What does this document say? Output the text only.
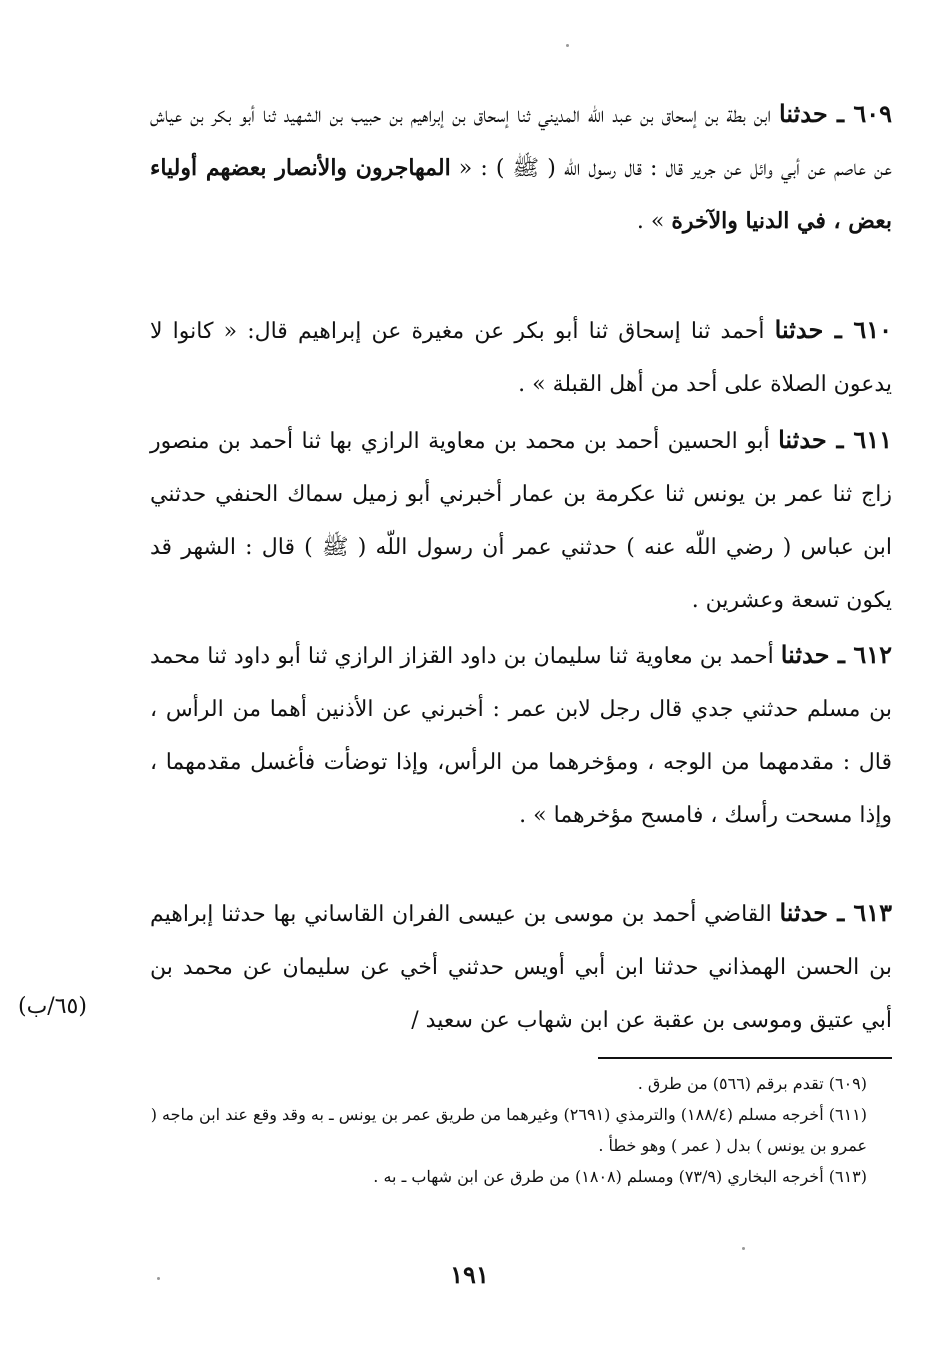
٦٠٩ ـ حدثنا ابن بطة بن إسحاق بن عبد اللّه المديني ثنا إسحاق بن إبراهيم بن حبيب بن الشهيد ثنا أبو بكر بن عياش عن عاصم عن أبي وائل عن جرير قال : قال رسول اللّه ( ﷺ ) : « المهاجرون والأنصار بعضهم أولياء بعض ، في الدنيا والآخرة » .
٦١٠ ـ حدثنا أحمد ثنا إسحاق ثنا أبو بكر عن مغيرة عن إبراهيم قال: « كانوا لا يدعون الصلاة على أحد من أهل القبلة » .
٦١١ ـ حدثنا أبو الحسين أحمد بن محمد بن معاوية الرازي بها ثنا أحمد بن منصور زاج ثنا عمر بن يونس ثنا عكرمة بن عمار أخبرني أبو زميل سماك الحنفي حدثني ابن عباس ( رضي اللّه عنه ) حدثني عمر أن رسول اللّه ( ﷺ ) قال : الشهر قد يكون تسعة وعشرين .
٦١٢ ـ حدثنا أحمد بن معاوية ثنا سليمان بن داود القزاز الرازي ثنا أبو داود ثنا محمد بن مسلم حدثني جدي قال رجل لابن عمر : أخبرني عن الأذنين أهما من الرأس ، قال : مقدمهما من الوجه ، ومؤخرهما من الرأس، وإذا توضأت فأغسل مقدمهما ، وإذا مسحت رأسك ، فامسح مؤخرهما » .
٦١٣ ـ حدثنا القاضي أحمد بن موسى بن عيسى الفران القاساني بها حدثنا إبراهيم بن الحسن الهمذاني حدثنا ابن أبي أويس حدثني أخي عن سليمان عن محمد بن أبي عتيق وموسى بن عقبة عن ابن شهاب عن سعيد /
(٦٥/ب)

(٦٠٩) تقدم برقم (٥٦٦) من طرق .

(٦١١) أخرجه مسلم (١٨٨/٤) والترمذي (٢٦٩١) وغيرهما من طريق عمر بن يونس ـ به وقد وقع عند ابن ماجه ( عمرو بن يونس ) بدل ( عمر ) وهو خطأ .

(٦١٣) أخرجه البخاري (٧٣/٩) ومسلم (١٨٠٨) من طرق عن ابن شهاب ـ به .

١٩١
